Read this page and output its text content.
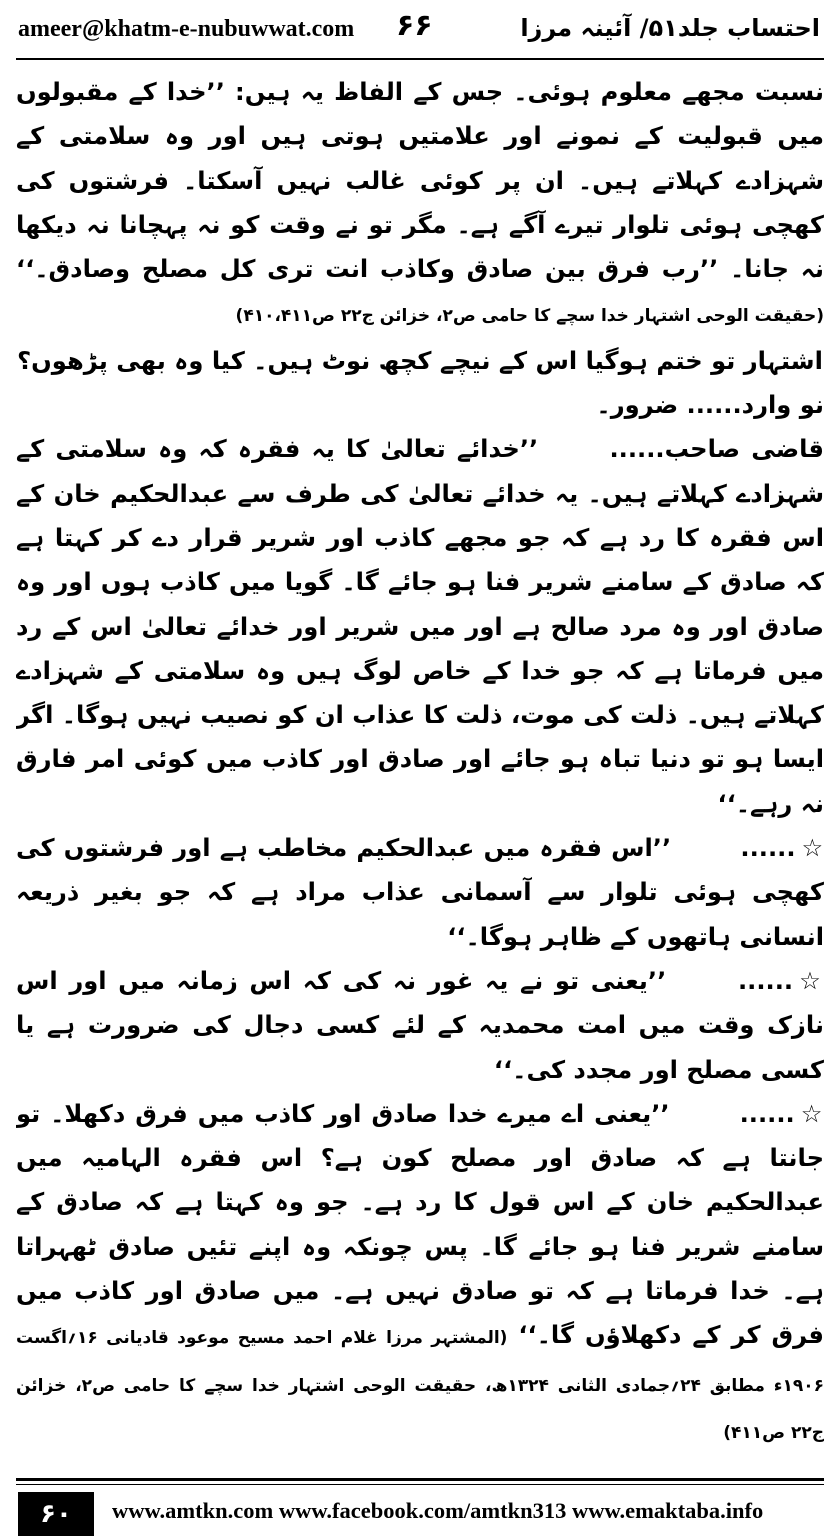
ameer@khatm-e-nubuwwat.com ۶۶	احتساب جلد۵۱/ آئینہ مرزا

نسبت مجھے معلوم ہوئی۔ جس کے الفاظ یہ ہیں: ’’خدا کے مقبولوں میں قبولیت کے نمونے اور علامتیں ہوتی ہیں اور وہ سلامتی کے شہزادے کہلاتے ہیں۔ ان پر کوئی غالب نہیں آسکتا۔ فرشتوں کی کھچی ہوئی تلوار تیرے آگے ہے۔ مگر تو نے وقت کو نہ پہچانا نہ دیکھا نہ جانا۔ ’’رب فرق بین صادق وکاذب انت تری کل مصلح وصادق۔‘‘ (حقیقت الوحی اشتہار خدا سچے کا حامی ص۲، خزائن ج۲۲ ص۴۱۰،۴۱۱)

اشتہار تو ختم ہوگیا اس کے نیچے کچھ نوٹ ہیں۔ کیا وہ بھی پڑھوں؟

نو وارد...... ضرور۔

قاضی صاحب...... ’’خدائے تعالیٰ کا یہ فقرہ کہ وہ سلامتی کے شہزادے کہلاتے ہیں۔ یہ خدائے تعالیٰ کی طرف سے عبدالحکیم خان کے اس فقرہ کا رد ہے کہ جو مجھے کاذب اور شریر قرار دے کر کہتا ہے کہ صادق کے سامنے شریر فنا ہو جائے گا۔ گویا میں کاذب ہوں اور وہ صادق اور وہ مرد صالح ہے اور میں شریر اور خدائے تعالیٰ اس کے رد میں فرماتا ہے کہ جو خدا کے خاص لوگ ہیں وہ سلامتی کے شہزادے کہلاتے ہیں۔ ذلت کی موت، ذلت کا عذاب ان کو نصیب نہیں ہوگا۔ اگر ایسا ہو تو دنیا تباہ ہو جائے اور صادق اور کاذب میں کوئی امر فارق نہ رہے۔‘‘

☆...... ’’اس فقرہ میں عبدالحکیم مخاطب ہے اور فرشتوں کی کھچی ہوئی تلوار سے آسمانی عذاب مراد ہے کہ جو بغیر ذریعہ انسانی ہاتھوں کے ظاہر ہوگا۔‘‘

☆...... ’’یعنی تو نے یہ غور نہ کی کہ اس زمانہ میں اور اس نازک وقت میں امت محمدیہ کے لئے کسی دجال کی ضرورت ہے یا کسی مصلح اور مجدد کی۔‘‘

☆...... ’’یعنی اے میرے خدا صادق اور کاذب میں فرق دکھلا۔ تو جانتا ہے کہ صادق اور مصلح کون ہے؟ اس فقرہ الہامیہ میں عبدالحکیم خان کے اس قول کا رد ہے۔ جو وہ کہتا ہے کہ صادق کے سامنے شریر فنا ہو جائے گا۔ پس چونکہ وہ اپنے تئیں صادق ٹھہراتا ہے۔ خدا فرماتا ہے کہ تو صادق نہیں ہے۔ میں صادق اور کاذب میں فرق کر کے دکھلاؤں گا۔‘‘ (المشتہر مرزا غلام احمد مسیح موعود قادیانی ۱۶؍اگست ۱۹۰۶ء مطابق ۲۴؍جمادی الثانی ۱۳۲۴ھ، حقیقت الوحی اشتہار خدا سچے کا حامی ص۲، خزائن ج۲۲ ص۴۱۱)

۶۰	www.amtkn.com www.facebook.com/amtkn313 www.emaktaba.info
